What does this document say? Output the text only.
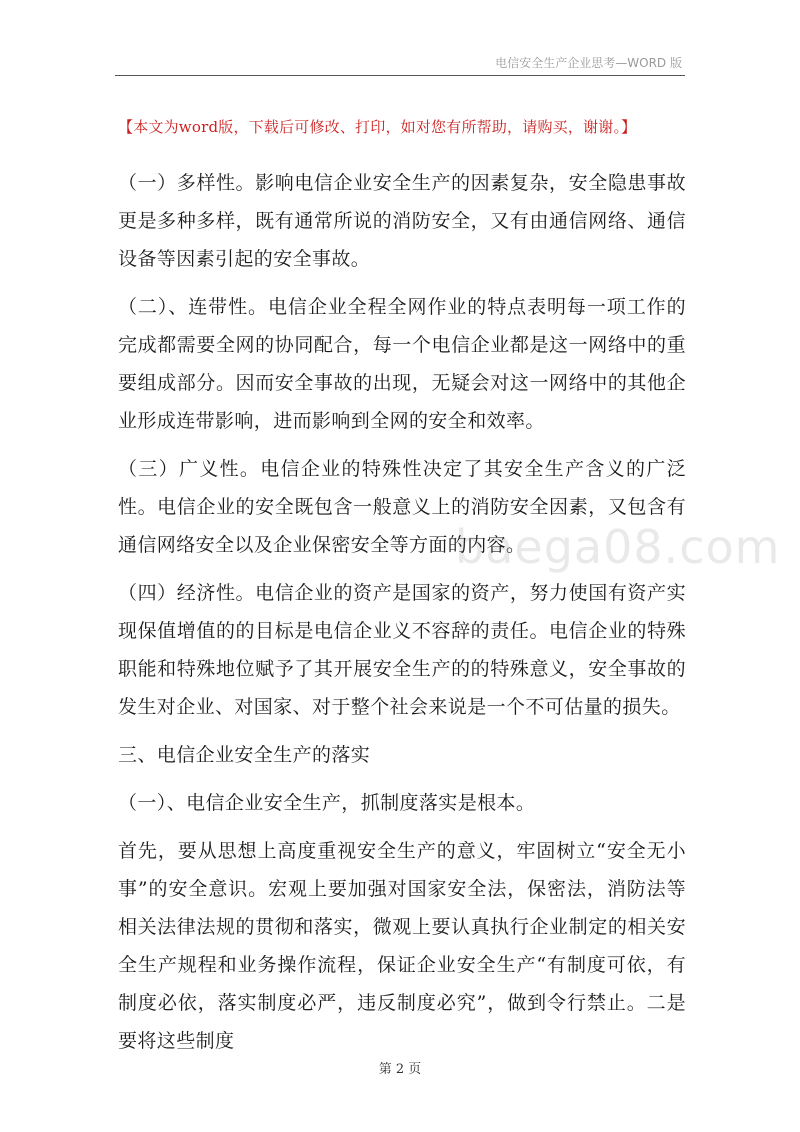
电信安全生产企业思考—WORD 版
【本文为word版，下载后可修改、打印，如对您有所帮助，请购买，谢谢。】

（一）多样性。影响电信企业安全生产的因素复杂，安全隐患事故更是多种多样，既有通常所说的消防安全，又有由通信网络、通信设备等因素引起的安全事故。

（二）、连带性。电信企业全程全网作业的特点表明每一项工作的完成都需要全网的协同配合，每一个电信企业都是这一网络中的重要组成部分。因而安全事故的出现，无疑会对这一网络中的其他企业形成连带影响，进而影响到全网的安全和效率。

（三）广义性。电信企业的特殊性决定了其安全生产含义的广泛性。电信企业的安全既包含一般意义上的消防安全因素，又包含有通信网络安全以及企业保密安全等方面的内容。

（四）经济性。电信企业的资产是国家的资产，努力使国有资产实现保值增值的的目标是电信企业义不容辞的责任。电信企业的特殊职能和特殊地位赋予了其开展安全生产的的特殊意义，安全事故的发生对企业、对国家、对于整个社会来说是一个不可估量的损失。

三、电信企业安全生产的落实

（一）、电信企业安全生产，抓制度落实是根本。

首先，要从思想上高度重视安全生产的意义，牢固树立“安全无小事”的安全意识。宏观上要加强对国家安全法，保密法，消防法等相关法律法规的贯彻和落实，微观上要认真执行企业制定的相关安全生产规程和业务操作流程，保证企业安全生产“有制度可依，有制度必依，落实制度必严，违反制度必究”，做到令行禁止。二是要将这些制度

baega08.com
第 2 页
